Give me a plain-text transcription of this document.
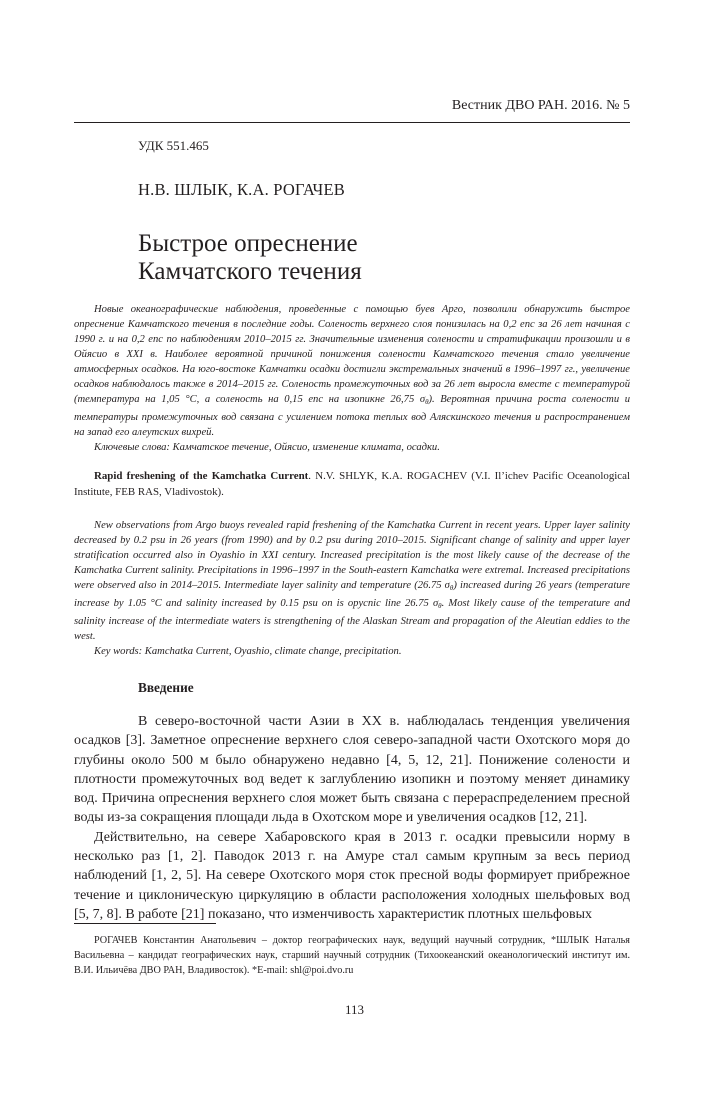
Вестник ДВО РАН. 2016. № 5
УДК 551.465
Н.В. ШЛЫК, К.А. РОГАЧЕВ
Быстрое опреснение
Камчатского течения

Новые океанографические наблюдения, проведенные с помощью буев Арго, позволили обнаружить быстрое опреснение Камчатского течения в последние годы. Соленость верхнего слоя понизилась на 0,2 епс за 26 лет начиная с 1990 г. и на 0,2 епс по наблюдениям 2010–2015 гг. Значительные изменения солености и стратификации произошли и в Ойясио в XXI в. Наиболее вероятной причиной понижения солености Камчатского течения стало увеличение атмосферных осадков. На юго-востоке Камчатки осадки достигли экстремальных значений в 1996–1997 гг., увеличение осадков наблюдалось также в 2014–2015 гг. Соленость промежуточных вод за 26 лет выросла вместе с температурой (температура на 1,05 °С, а соленость на 0,15 епс на изопикне 26,75 $\sigma_\theta$). Вероятная причина роста солености и температуры промежуточных вод связана с усилением потока теплых вод Аляскинского течения и распространением на запад его алеутских вихрей.

Ключевые слова: Камчатское течение, Ойясио, изменение климата, осадки.

Rapid freshening of the Kamchatka Current. N.V. SHLYK, K.A. ROGACHEV (V.I. Il’ichev Pacific Oceanological Institute, FEB RAS, Vladivostok).

New observations from Argo buoys revealed rapid freshening of the Kamchatka Current in recent years. Upper layer salinity decreased by 0.2 psu in 26 years (from 1990) and by 0.2 psu during 2010–2015. Significant change of salinity and upper layer stratification occurred also in Oyashio in XXI century. Increased precipitation is the most likely cause of the decrease of the Kamchatka Current salinity. Precipitations in 1996–1997 in the South-eastern Kamchatka were extremal. Increased precipitations were observed also in 2014–2015. Intermediate layer salinity and temperature (26.75 $\sigma_\theta$) increased during 26 years (temperature increase by 1.05 °C and salinity increased by 0.15 psu on is opycnic line 26.75 $\sigma_\theta$. Most likely cause of the temperature and salinity increase of the intermediate waters is strengthening of the Alaskan Stream and propagation of the Aleutian eddies to the west.

Key words: Kamchatka Current, Oyashio, climate change, precipitation.

Введение

В северо-восточной части Азии в XX в. наблюдалась тенденция увеличения осадков [3]. Заметное опреснение верхнего слоя северо-западной части Охотского моря до глубины около 500 м было обнаружено недавно [4, 5, 12, 21]. Понижение солености и плотности промежуточных вод ведет к заглублению изопикн и поэтому меняет динамику вод. Причина опреснения верхнего слоя может быть связана с перераспределением пресной воды из-за сокращения площади льда в Охотском море и увеличения осадков [12, 21].

Действительно, на севере Хабаровского края в 2013 г. осадки превысили норму в несколько раз [1, 2]. Паводок 2013 г. на Амуре стал самым крупным за весь период наблюдений [1, 2, 5]. На севере Охотского моря сток пресной воды формирует прибрежное течение и циклоническую циркуляцию в области расположения холодных шельфовых вод [5, 7, 8]. В работе [21] показано, что изменчивость характеристик плотных шельфовых

РОГАЧЕВ Константин Анатольевич – доктор географических наук, ведущий научный сотрудник, *ШЛЫК Наталья Васильевна – кандидат географических наук, старший научный сотрудник (Тихоокеанский океанологический институт им. В.И. Ильичёва ДВО РАН, Владивосток). *E-mail: shl@poi.dvo.ru

113
